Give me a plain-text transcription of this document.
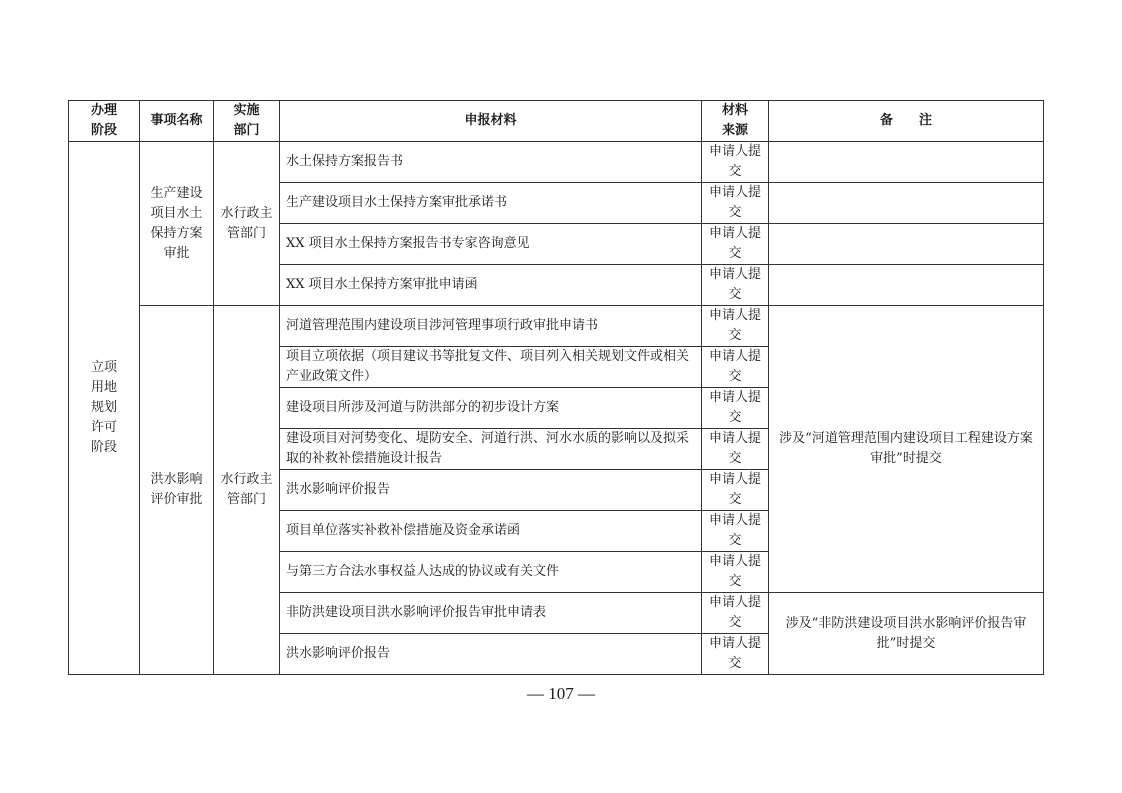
办理阶段	事项名称	实施部门	申报材料	材料来源	备　　注
立项用地规划许可阶段	生产建设项目水土保持方案审批	水行政主管部门	水土保持方案报告书	申请人提交	
			生产建设项目水土保持方案审批承诺书	申请人提交	
			XX 项目水土保持方案报告书专家咨询意见	申请人提交	
			XX 项目水土保持方案审批申请函	申请人提交	
	洪水影响评价审批	水行政主管部门	河道管理范围内建设项目涉河管理事项行政审批申请书	申请人提交	涉及“河道管理范围内建设项目工程建设方案审批”时提交
			项目立项依据（项目建议书等批复文件、项目列入相关规划文件或相关产业政策文件）	申请人提交	
			建设项目所涉及河道与防洪部分的初步设计方案	申请人提交	
			建设项目对河势变化、堤防安全、河道行洪、河水水质的影响以及拟采取的补救补偿措施设计报告	申请人提交	
			洪水影响评价报告	申请人提交	
			项目单位落实补救补偿措施及资金承诺函	申请人提交	
			与第三方合法水事权益人达成的协议或有关文件	申请人提交	
			非防洪建设项目洪水影响评价报告审批申请表	申请人提交	涉及“非防洪建设项目洪水影响评价报告审批”时提交
			洪水影响评价报告	申请人提交	
— 107 —
